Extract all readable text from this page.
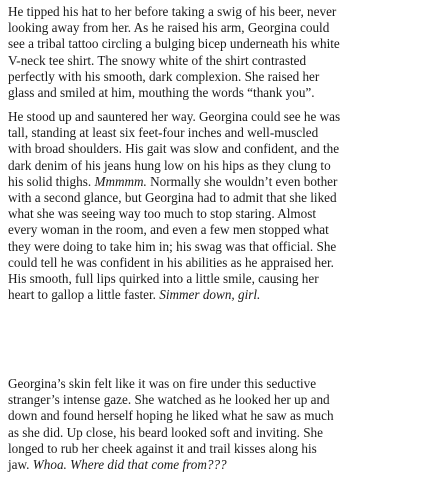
He tipped his hat to her before taking a swig of his beer, never
looking away from her. As he raised his arm, Georgina could
see a tribal tattoo circling a bulging bicep underneath his white
V-neck tee shirt. The snowy white of the shirt contrasted
perfectly with his smooth, dark complexion. She raised her
glass and smiled at him, mouthing the words “thank you”.

He stood up and sauntered her way. Georgina could see he was
tall, standing at least six feet-four inches and well-muscled
with broad shoulders. His gait was slow and confident, and the
dark denim of his jeans hung low on his hips as they clung to
his solid thighs. Mmmmm. Normally she wouldn’t even bother
with a second glance, but Georgina had to admit that she liked
what she was seeing way too much to stop staring. Almost
every woman in the room, and even a few men stopped what
they were doing to take him in; his swag was that official. She
could tell he was confident in his abilities as he appraised her.
His smooth, full lips quirked into a little smile, causing her
heart to gallop a little faster. Simmer down, girl.

Georgina’s skin felt like it was on fire under this seductive
stranger’s intense gaze. She watched as he looked her up and
down and found herself hoping he liked what he saw as much
as she did. Up close, his beard looked soft and inviting. She
longed to rub her cheek against it and trail kisses along his
jaw. Whoa. Where did that come from???
